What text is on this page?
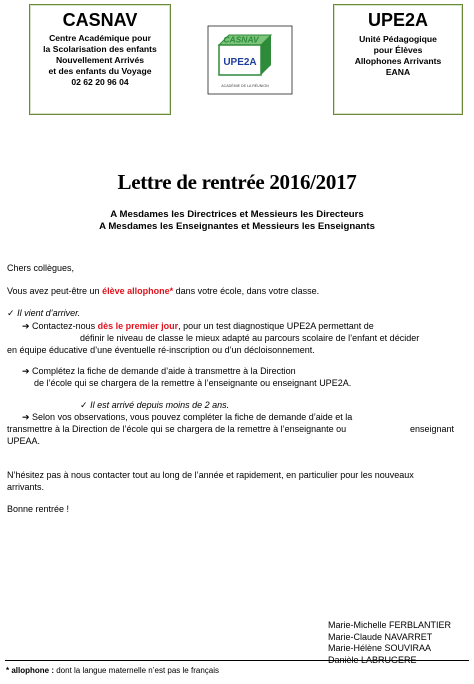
CASNAV
Centre Académique pour
la Scolarisation des enfants
Nouvellement Arrivés
et des enfants du Voyage
02 62 20 96 04
CASNAV
UPE2A
ACADÉMIE DE LA RÉUNION
UPE2A
Unité Pédagogique
pour Élèves
Allophones Arrivants
EANA
Lettre de rentrée 2016/2017
A Mesdames les Directrices et Messieurs les Directeurs
A Mesdames les Enseignantes et Messieurs les Enseignants
Chers collègues,
Vous avez peut-être un élève allophone* dans votre école, dans votre classe.
✓ Il vient d’arriver.
➔ Contactez-nous dès le premier jour, pour un test diagnostique UPE2A permettant de
définir le niveau de classe le mieux adapté au parcours scolaire de l’enfant et décider
en équipe éducative d’une éventuelle ré-inscription ou d’un décloisonnement.
➔ Complétez la fiche de demande d’aide à transmettre à la Direction
de l’école qui se chargera de la remettre à l’enseignante ou enseignant UPE2A.
✓ Il est arrivé depuis moins de 2 ans.
➔ Selon vos observations, vous pouvez compléter la fiche de demande d’aide et la
transmettre à la Direction de l’école qui se chargera de la remettre à l’enseignante ou	enseignant
UPEAA.
N’hésitez pas à nous contacter tout au long de l’année et rapidement, en particulier pour les nouveaux
arrivants.
Bonne rentrée !
Marie-Michelle FERBLANTIER
Marie-Claude NAVARRET
Marie-Hélène SOUVIRAA
Danièle LABRUGERE
* allophone : dont la langue maternelle n’est pas le français
